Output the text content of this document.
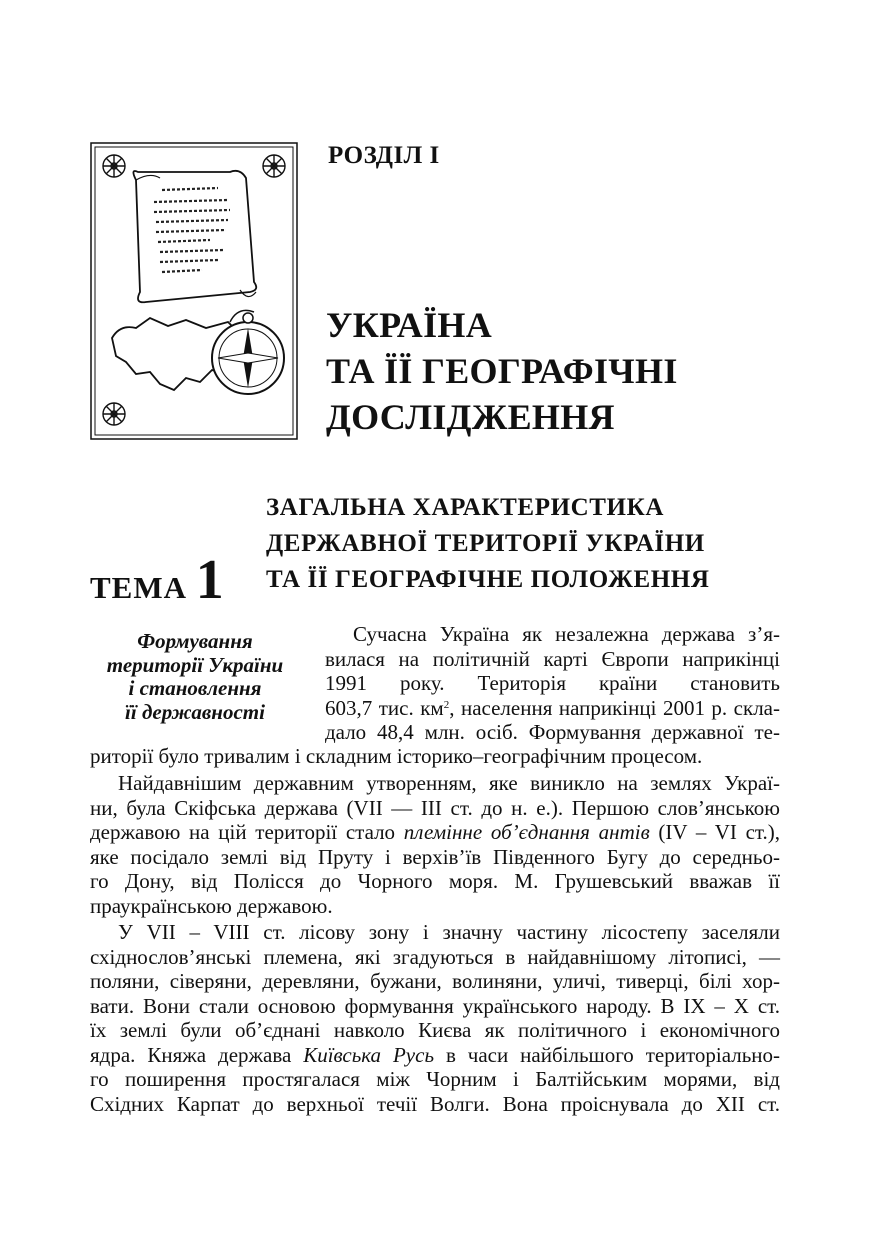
РОЗДІЛ I
УКРАЇНА
ТА ЇЇ ГЕОГРАФІЧНІ
ДОСЛІДЖЕННЯ
ТЕМА 1
ЗАГАЛЬНА ХАРАКТЕРИСТИКА
ДЕРЖАВНОЇ ТЕРИТОРІЇ УКРАЇНИ
ТА ЇЇ ГЕОГРАФІЧНЕ ПОЛОЖЕННЯ
Формування
території України
і становлення
її державності
Сучасна Україна як незалежна держава з’я-
вилася на політичній карті Європи наприкінці
1991 року. Територія країни становить
603,7 тис. $км^2$, населення наприкінці 2001 р. скла-
дало 48,4 млн. осіб. Формування державної те-
риторії було тривалим і складним історико–географічним процесом.
Найдавнішим державним утворенням, яке виникло на землях Украї-
ни, була Скіфська держава (VII — III ст. до н. е.). Першою слов’янською
державою на цій території стало племінне об’єднання антів (IV – VI ст.),
яке посідало землі від Пруту і верхів’їв Південного Бугу до середньо-
го Дону, від Полісся до Чорного моря. М. Грушевський вважав її
праукраїнською державою.
У VII – VIII ст. лісову зону і значну частину лісостепу заселяли
східнослов’янські племена, які згадуються в найдавнішому літописі, —
поляни, сіверяни, деревляни, бужани, волиняни, уличі, тиверці, білі хор-
вати. Вони стали основою формування українського народу. В IX – X ст.
їх землі були об’єднані навколо Києва як політичного і економічного
ядра. Княжа держава Київська Русь в часи найбільшого територіально-
го поширення простягалася між Чорним і Балтійським морями, від
Східних Карпат до верхньої течії Волги. Вона проіснувала до XII ст.
